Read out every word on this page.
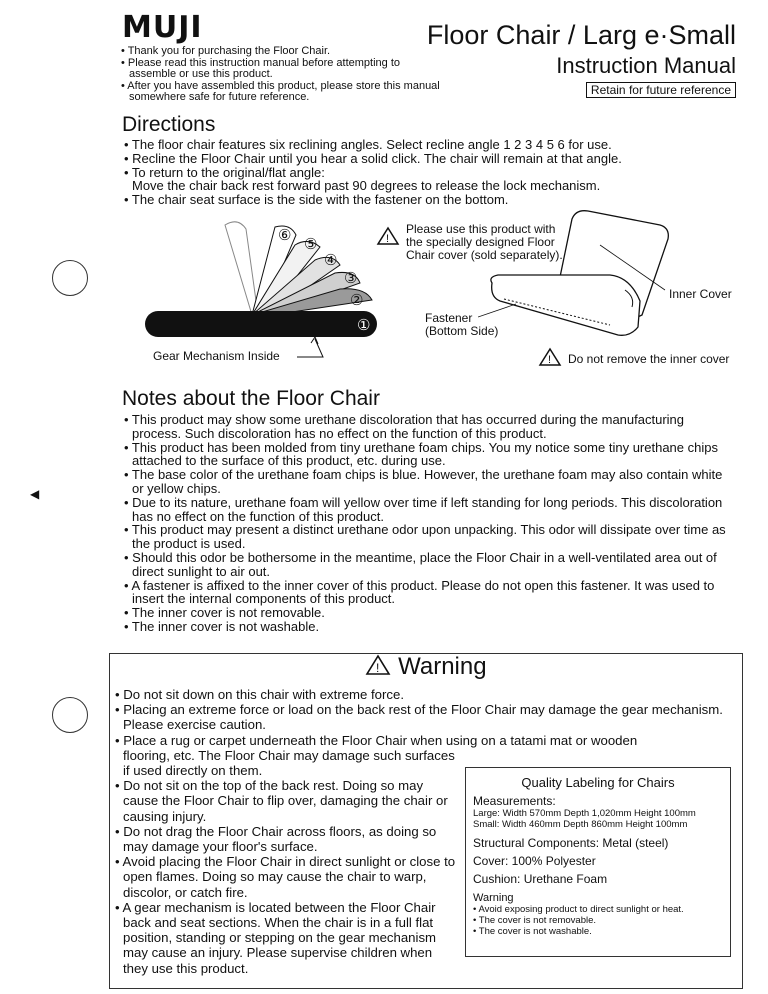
MUJI
• Thank you for purchasing the Floor Chair.
• Please read this instruction manual before attempting to assemble or use this product.
• After you have assembled this product, please store this manual somewhere safe for future reference.
Floor Chair / Larg e·Small
Instruction Manual
Retain for future reference
◀
Directions
• The floor chair features six reclining angles. Select recline angle 1 2 3 4 5 6 for use.
• Recline the Floor Chair until you hear a solid click. The chair will remain at that angle.
• To return to the original/flat angle:
Move the chair back rest forward past 90 degrees to release the lock mechanism.
• The chair seat surface is the side with the fastener on the bottom.
①
②
③
④
⑤
⑥
Gear Mechanism Inside
!
Please use this product with the specially designed Floor Chair cover (sold separately).
Inner Cover
Fastener
(Bottom Side)
! Do not remove the inner cover
Notes about the Floor Chair
• This product may show some urethane discoloration that has occurred during the manufacturing process. Such discoloration has no effect on the function of this product.
• This product has been molded from tiny urethane foam chips. You my notice some tiny urethane chips attached to the surface of this product, etc. during use.
• The base color of the urethane foam chips is blue. However, the urethane foam may also contain white or yellow chips.
• Due to its nature, urethane foam will yellow over time if left standing for long periods. This discoloration has no effect on the function of this product.
• This product may present a distinct urethane odor upon unpacking. This odor will dissipate over time as the product is used.
• Should this odor be bothersome in the meantime, place the Floor Chair in a well-ventilated area out of direct sunlight to air out.
• A fastener is affixed to the inner cover of this product. Please do not open this fastener. It was used to insert the internal components of this product.
• The inner cover is not removable.
• The inner cover is not washable.
! Warning
• Do not sit down on this chair with extreme force.
• Placing an extreme force or load on the back rest of the Floor Chair may damage the gear mechanism. Please exercise caution.
• Place a rug or carpet underneath the Floor Chair when using on a tatami mat or wooden
flooring, etc. The Floor Chair may damage such surfaces if used directly on them.
• Do not sit on the top of the back rest. Doing so may cause the Floor Chair to flip over, damaging the chair or causing injury.
• Do not drag the Floor Chair across floors, as doing so may damage your floor's surface.
• Avoid placing the Floor Chair in direct sunlight or close to open flames. Doing so may cause the chair to warp, discolor, or catch fire.
• A gear mechanism is located between the Floor Chair back and seat sections. When the chair is in a full flat position, standing or stepping on the gear mechanism may cause an injury. Please supervise children when they use this product.
Quality Labeling for Chairs
Measurements:
Large: Width 570mm Depth 1,020mm Height 100mm
Small: Width 460mm Depth 860mm Height 100mm
Structural Components: Metal (steel)
Cover: 100% Polyester
Cushion: Urethane Foam
Warning
• Avoid exposing product to direct sunlight or heat.
• The cover is not removable.
• The cover is not washable.
